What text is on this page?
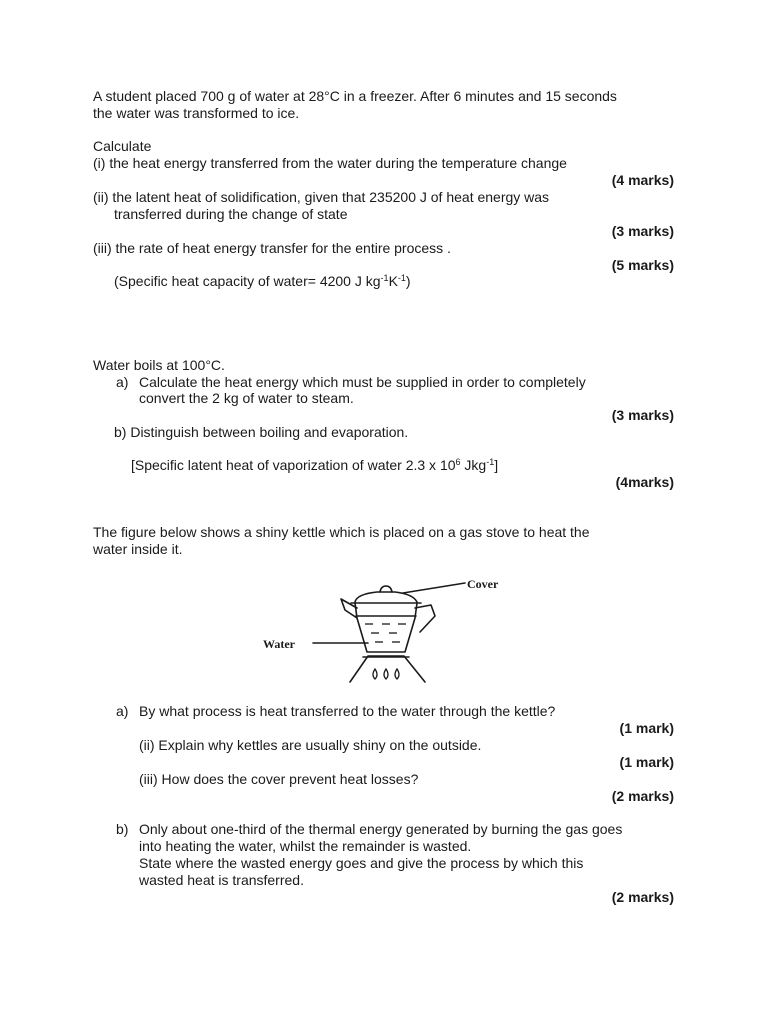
A student placed 700 g of water at 28°C in a freezer. After 6 minutes and 15 seconds
the water was transformed to ice.
Calculate
(i) the heat energy transferred from the water during the temperature change
(4 marks)
(ii) the latent heat of solidification, given that 235200 J of heat energy was
transferred during the change of state
(3 marks)
(iii) the rate of heat energy transfer for the entire process .
(5 marks)
(Specific heat capacity of water= 4200 J $kg^{-1}K^{-1}$)
Water boils at 100°C.
a) Calculate the heat energy which must be supplied in order to completely
convert the 2 kg of water to steam.
(3 marks)
b) Distinguish between boiling and evaporation.
[Specific latent heat of vaporization of water 2.3 x $10^6$ Jkg$^{-1}$]
(4marks)
The figure below shows a shiny kettle which is placed on a gas stove to heat the
water inside it.
Cover
Water
a) By what process is heat transferred to the water through the kettle?
(1 mark)
(ii) Explain why kettles are usually shiny on the outside.
(1 mark)
(iii) How does the cover prevent heat losses?
(2 marks)
b) Only about one-third of the thermal energy generated by burning the gas goes
into heating the water, whilst the remainder is wasted.
State where the wasted energy goes and give the process by which this
wasted heat is transferred.
(2 marks)
